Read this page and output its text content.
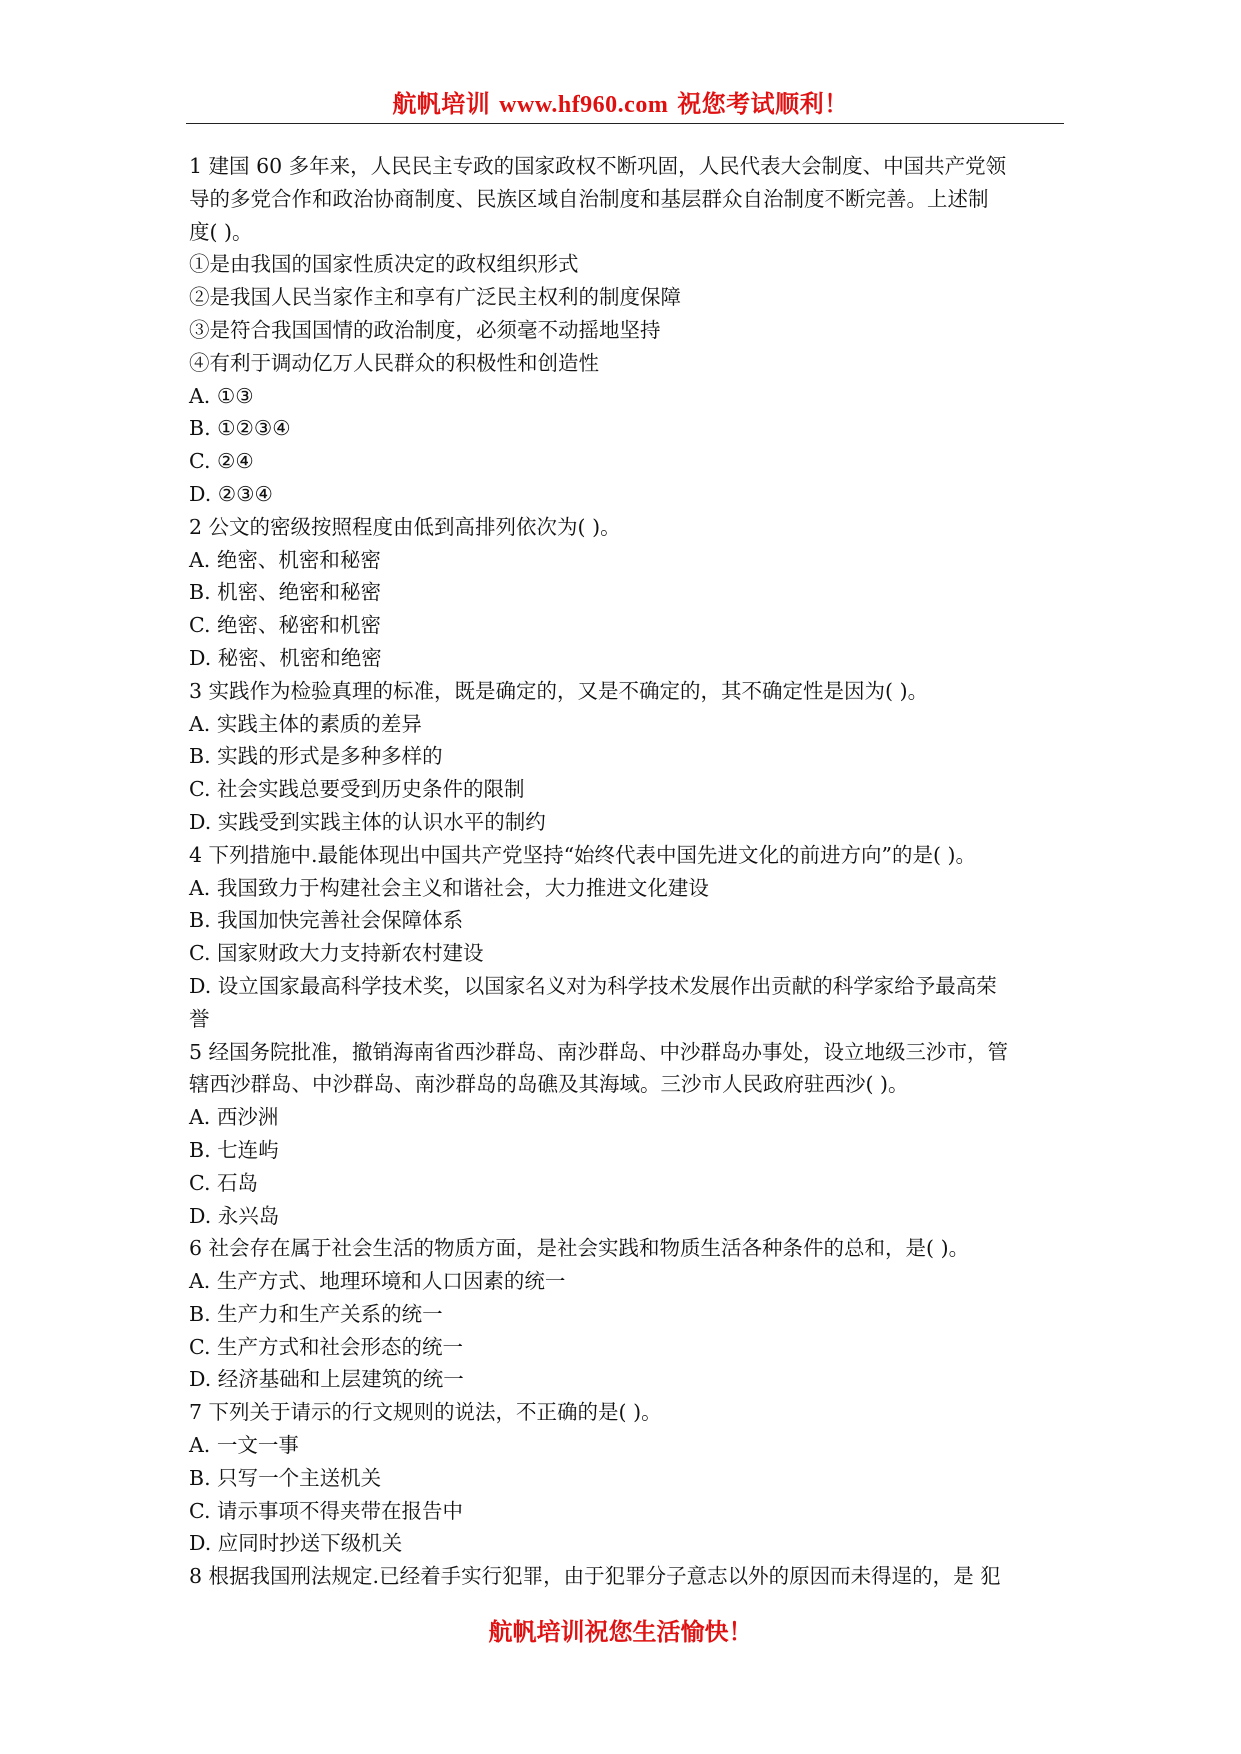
航帆培训 www.hf960.com 祝您考试顺利！
1 建国 60 多年来，人民民主专政的国家政权不断巩固，人民代表大会制度、中国共产党领
导的多党合作和政治协商制度、民族区域自治制度和基层群众自治制度不断完善。上述制
度( )。
①是由我国的国家性质决定的政权组织形式
②是我国人民当家作主和享有广泛民主权利的制度保障
③是符合我国国情的政治制度，必须毫不动摇地坚持
④有利于调动亿万人民群众的积极性和创造性
A. ①③
B. ①②③④
C. ②④
D. ②③④
2 公文的密级按照程度由低到高排列依次为( )。
A. 绝密、机密和秘密
B. 机密、绝密和秘密
C. 绝密、秘密和机密
D. 秘密、机密和绝密
3 实践作为检验真理的标准，既是确定的，又是不确定的，其不确定性是因为( )。
A. 实践主体的素质的差异
B. 实践的形式是多种多样的
C. 社会实践总要受到历史条件的限制
D. 实践受到实践主体的认识水平的制约
4 下列措施中.最能体现出中国共产党坚持“始终代表中国先进文化的前进方向”的是( )。
A. 我国致力于构建社会主义和谐社会，大力推进文化建设
B. 我国加快完善社会保障体系
C. 国家财政大力支持新农村建设
D. 设立国家最高科学技术奖，以国家名义对为科学技术发展作出贡献的科学家给予最高荣
誉
5 经国务院批准，撤销海南省西沙群岛、南沙群岛、中沙群岛办事处，设立地级三沙市，管
辖西沙群岛、中沙群岛、南沙群岛的岛礁及其海域。三沙市人民政府驻西沙( )。
A. 西沙洲
B. 七连屿
C. 石岛
D. 永兴岛
6 社会存在属于社会生活的物质方面，是社会实践和物质生活各种条件的总和，是( )。
A. 生产方式、地理环境和人口因素的统一
B. 生产力和生产关系的统一
C. 生产方式和社会形态的统一
D. 经济基础和上层建筑的统一
7 下列关于请示的行文规则的说法，不正确的是( )。
A. 一文一事
B. 只写一个主送机关
C. 请示事项不得夹带在报告中
D. 应同时抄送下级机关
8 根据我国刑法规定.已经着手实行犯罪，由于犯罪分子意志以外的原因而未得逞的，是 犯
航帆培训祝您生活愉快！
